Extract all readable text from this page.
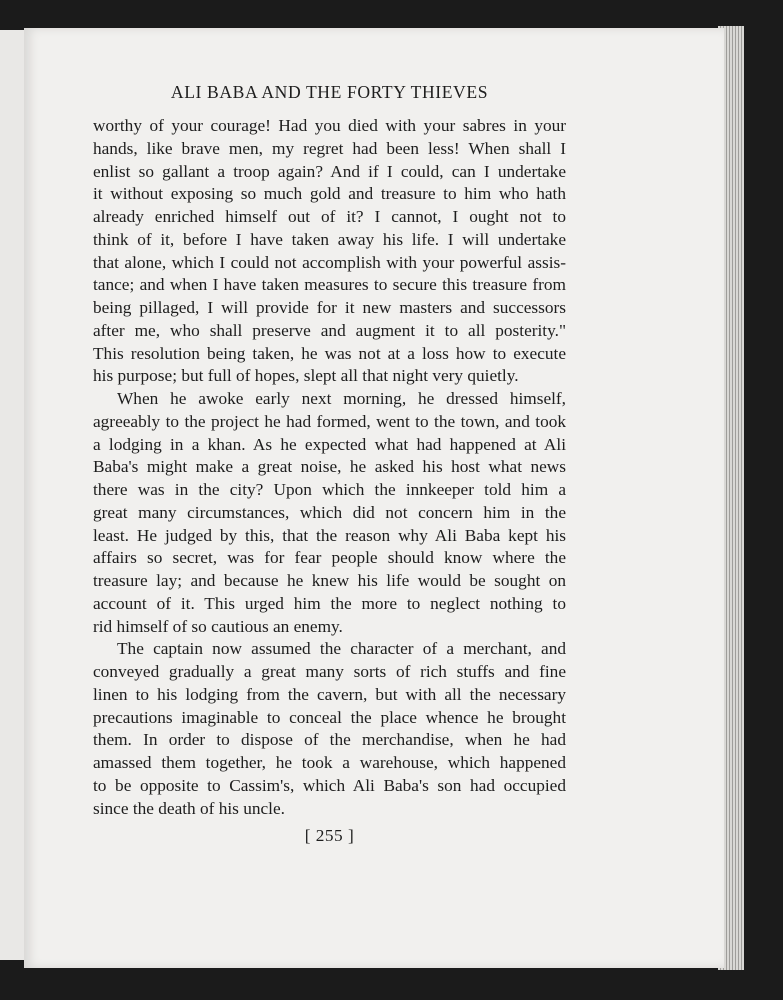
ALI BABA AND THE FORTY THIEVES
worthy of your courage! Had you died with your sabres in your
hands, like brave men, my regret had been less! When shall I
enlist so gallant a troop again? And if I could, can I undertake
it without exposing so much gold and treasure to him who hath
already enriched himself out of it? I cannot, I ought not to
think of it, before I have taken away his life. I will undertake
that alone, which I could not accomplish with your powerful assis-
tance; and when I have taken measures to secure this treasure from
being pillaged, I will provide for it new masters and successors
after me, who shall preserve and augment it to all posterity."
This resolution being taken, he was not at a loss how to execute
his purpose; but full of hopes, slept all that night very quietly.
When he awoke early next morning, he dressed himself,
agreeably to the project he had formed, went to the town, and took
a lodging in a khan. As he expected what had happened at Ali
Baba's might make a great noise, he asked his host what news
there was in the city? Upon which the innkeeper told him a
great many circumstances, which did not concern him in the
least. He judged by this, that the reason why Ali Baba kept his
affairs so secret, was for fear people should know where the
treasure lay; and because he knew his life would be sought on
account of it. This urged him the more to neglect nothing to
rid himself of so cautious an enemy.
The captain now assumed the character of a merchant, and
conveyed gradually a great many sorts of rich stuffs and fine
linen to his lodging from the cavern, but with all the necessary
precautions imaginable to conceal the place whence he brought
them. In order to dispose of the merchandise, when he had
amassed them together, he took a warehouse, which happened
to be opposite to Cassim's, which Ali Baba's son had occupied
since the death of his uncle.
[ 255 ]
